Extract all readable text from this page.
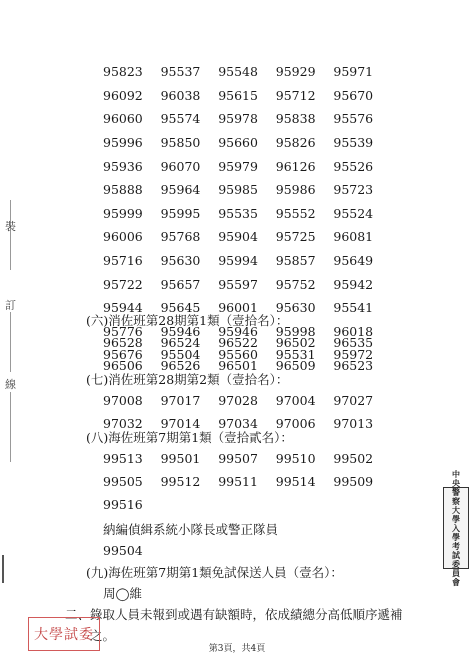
裝
訂
線
95823	95537	95548	95929	95971
96092	96038	95615	95712	95670
96060	95574	95978	95838	95576
95996	95850	95660	95826	95539
95936	96070	95979	96126	95526
95888	95964	95985	95986	95723
95999	95995	95535	95552	95524
96006	95768	95904	95725	96081
95716	95630	95994	95857	95649
95722	95657	95597	95752	95942
95944	95645	96001	95630	95541
95776	95946	95946	95998	96018
95676	95504	95560	95531	95972
(六)消佐班第28期第1類（壹拾名）：
96528	96524	96522	96502	96535
96506	96526	96501	96509	96523
(七)消佐班第28期第2類（壹拾名）：
97008	97017	97028	97004	97027
97032	97014	97034	97006	97013
(八)海佐班第7期第1類（壹拾貳名）：
99513	99501	99507	99510	99502
99505	99512	99511	99514	99509
99516
納編偵緝系統小隊長或警正隊員
99504
(九)海佐班第7期第1類免試保送人員（壹名）：
周◯維
二、錄取人員未報到或遇有缺額時，依成績總分高低順序遞補
之。
中
央
警
察
大
學
入
學
考
試
委
員
會
大學試委
第3頁，共4頁
